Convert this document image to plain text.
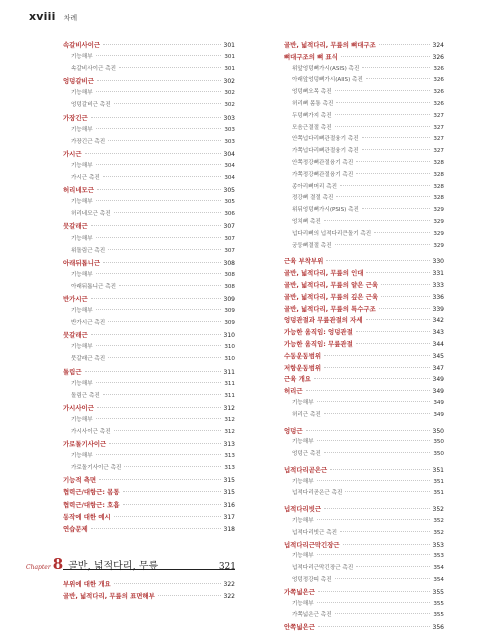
xviii 차례
속갈비사이근	301
기능해부	301
속갈비사이근 촉진	301
엉덩갈비근	302
기능해부	302
엉덩갈비근 촉진	302
가장긴근	303
기능해부	303
가장긴근 촉진	303
가시근	304
기능해부	304
가시근 촉진	304
허리네모근	305
기능해부	305
허리네모근 촉진	306
뭇갈래근	307
기능해부	307
위돌림근 촉진	307
아래뒤톱니근	308
기능해부	308
아래뒤톱니근 촉진	308
반가시근	309
기능해부	309
반가시근 촉진	309
뭇갈래근	310
기능해부	310
뭇갈래근 촉진	310
돌림근	311
기능해부	311
돌림근 촉진	311
가시사이근	312
기능해부	312
가시사이근 촉진	312
가로돌기사이근	313
기능해부	313
가로돌기사이근 촉진	313
기능적 측면	315
협력근/대항근: 몸통	315
협력근/대항근: 호흡	316
동작에 대한 예시	317
연습문제	318
Chapter 8 골반, 넓적다리, 무릎	321
부위에 대한 개요	322
골반, 넓적다리, 무릎의 표면해부	322
골반, 넓적다리, 무릎의 뼈대구조	324
뼈대구조의 뼈 표식	326
위앞엉덩뼈가시(ASIS) 촉진	326
아래앞엉덩뼈가시(AIIS) 촉진	326
엉덩뼈오목 촉진	326
허리뼈 몸통 촉진	326
두덩뼈가지 촉진	327
모음근결절 촉진	327
안쪽넙다리뼈관절융기 촉진	327
가쪽넙다리뼈관절융기 촉진	327
안쪽정강뼈관절융기 촉진	328
가쪽정강뼈관절융기 촉진	328
종아리뼈머리 촉진	328
정강뼈 결절 촉진	328
위뒤엉덩뼈가시(PSIS) 촉진	329
엉치뼈 촉진	329
넙다리뼈의 넙적다리큰돌기 촉진	329
궁둥뼈결절 촉진	329
근육 부착부위	330
골반, 넓적다리, 무릎의 인대	331
골반, 넓적다리, 무릎의 얕은 근육	333
골반, 넓적다리, 무릎의 깊은 근육	336
골반, 넓적다리, 무릎의 특수구조	339
엉덩관절과 무릎관절의 자세	342
가능한 움직임: 엉덩관절	343
가능한 움직임: 무릎관절	344
수동운동범위	345
저항운동범위	347
근육 개요	349
허리근	349
기능해부	349
허리근 촉진	349
엉덩근	350
기능해부	350
엉덩근 촉진	350
넙적다리곧은근	351
기능해부	351
넙적다리곧은근 촉진	351
넙적다리빗근	352
기능해부	352
넙적다리빗근 촉진	352
넙적다리근막긴장근	353
기능해부	353
넙적다리근막긴장근 촉진	354
엉덩정강띠 촉진	354
가쪽넓은근	355
기능해부	355
가쪽넓은근 촉진	355
안쪽넓은근	356
